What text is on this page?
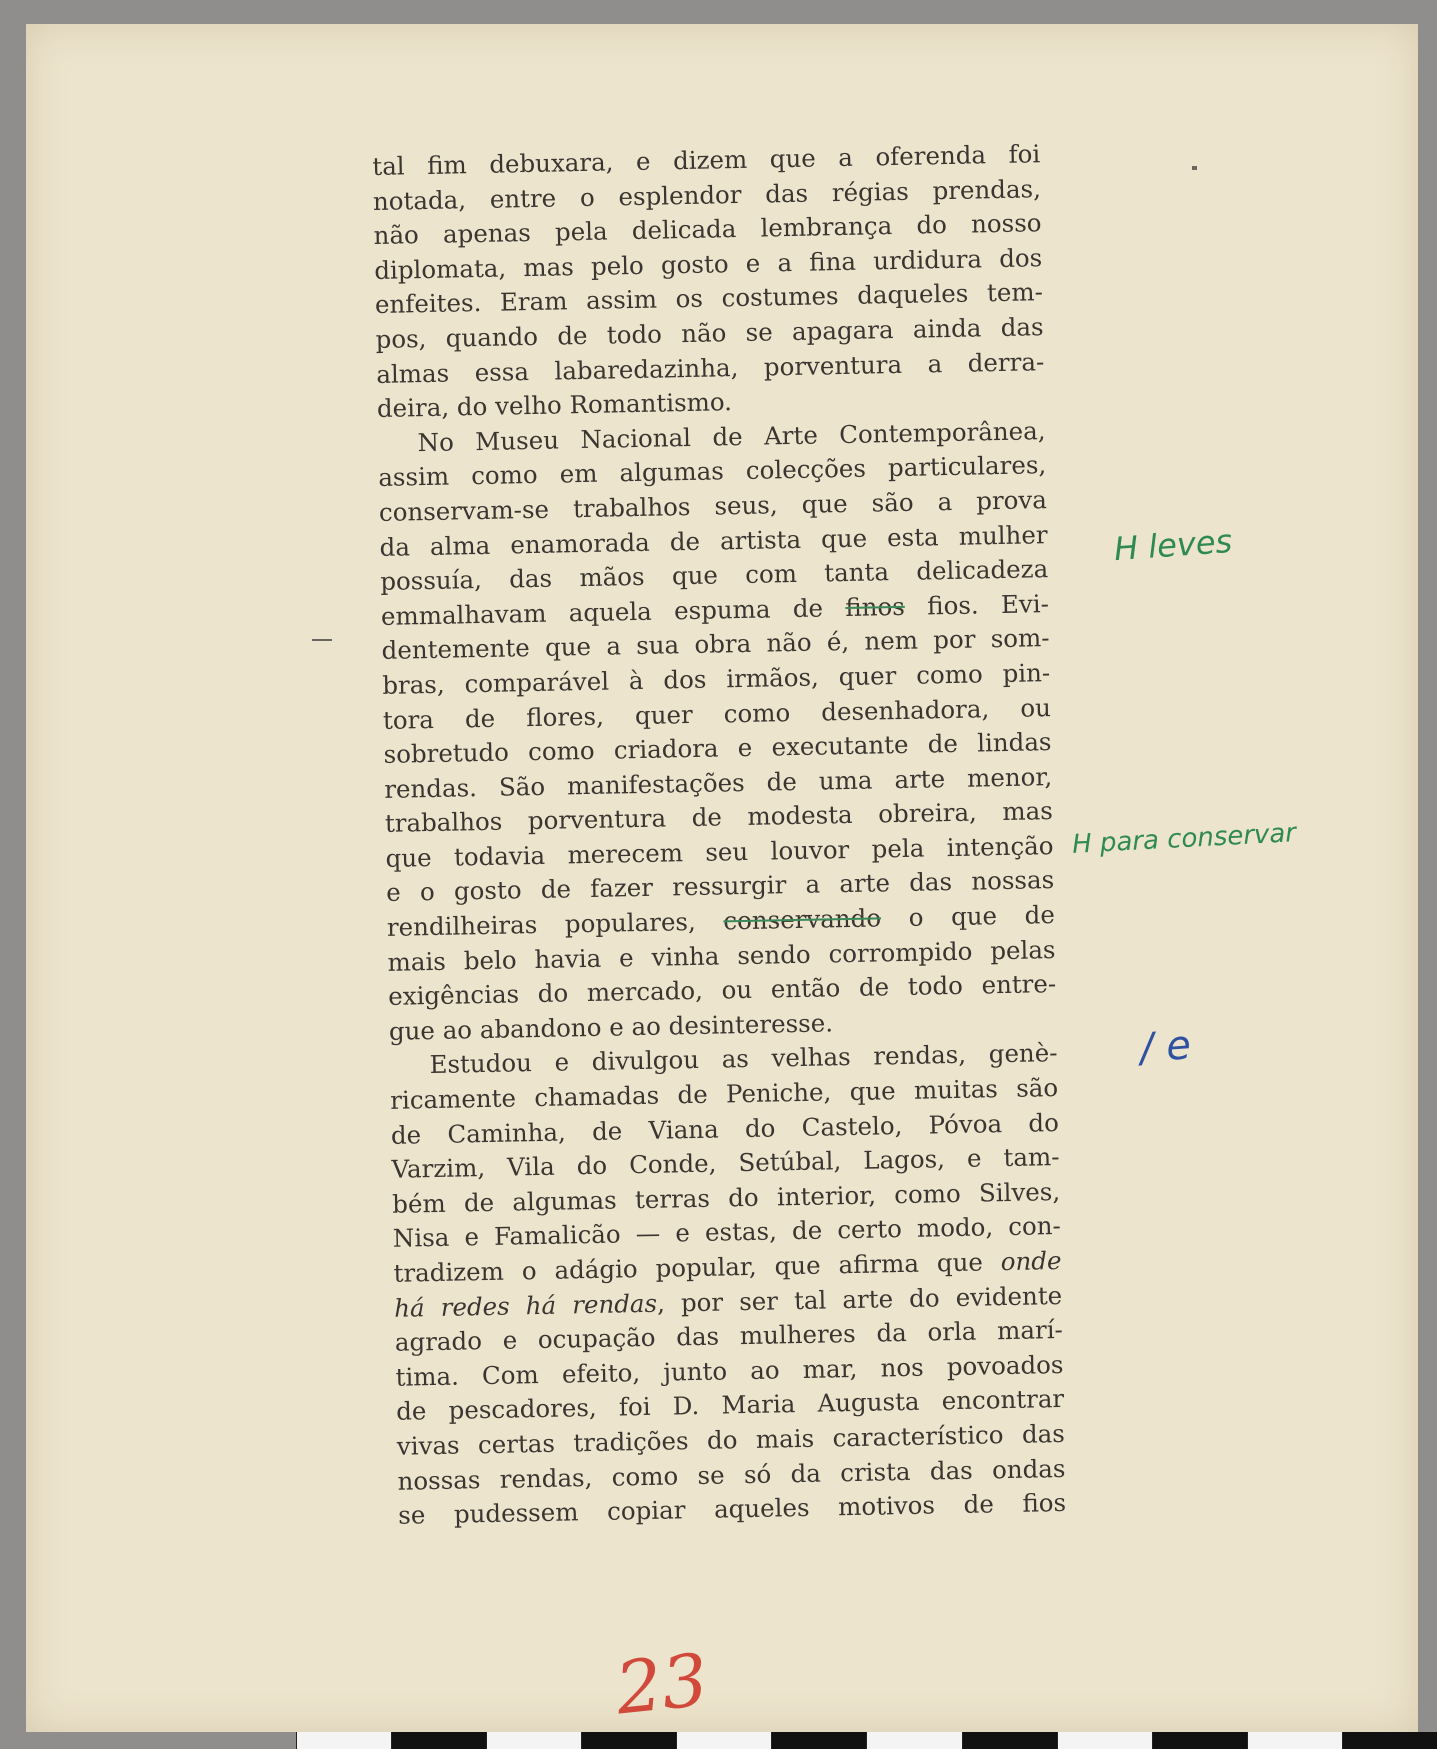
tal fim debuxara, e dizem que a oferenda foi
notada, entre o esplendor das régias prendas,
não apenas pela delicada lembrança do nosso
diplomata, mas pelo gosto e a fina urdidura dos
enfeites. Eram assim os costumes daqueles tem-
pos, quando de todo não se apagara ainda das
almas essa labaredazinha, porventura a derra-
deira, do velho Romantismo.

No Museu Nacional de Arte Contemporânea,

assim como em algumas colecções particulares,
conservam-se trabalhos seus, que são a prova
da alma enamorada de artista que esta mulher
possuía, das mãos que com tanta delicadeza
emmalhavam aquela espuma de finos fios. Evi-
dentemente que a sua obra não é, nem por som-
bras, comparável à dos irmãos, quer como pin-
tora de flores, quer como desenhadora, ou
sobretudo como criadora e executante de lindas
rendas. São manifestações de uma arte menor,
trabalhos porventura de modesta obreira, mas
que todavia merecem seu louvor pela intenção
e o gosto de fazer ressurgir a arte das nossas
rendilheiras populares, conservando o que de
mais belo havia e vinha sendo corrompido pelas
exigências do mercado, ou então de todo entre-
gue ao abandono e ao desinteresse.

Estudou e divulgou as velhas rendas, genè-

ricamente chamadas de Peniche, que muitas são
de Caminha, de Viana do Castelo, Póvoa do
Varzim, Vila do Conde, Setúbal, Lagos, e tam-
bém de algumas terras do interior, como Silves,
Nisa e Famalicão — e estas, de certo modo, con-
tradizem o adágio popular, que afirma que onde
há redes há rendas, por ser tal arte do evidente
agrado e ocupação das mulheres da orla marí-
tima. Com efeito, junto ao mar, nos povoados
de pescadores, foi D. Maria Augusta encontrar
vivas certas tradições do mais característico das
nossas rendas, como se só da crista das ondas
se pudessem copiar aqueles motivos de fios

H leves
H para conservar
/ e
23
